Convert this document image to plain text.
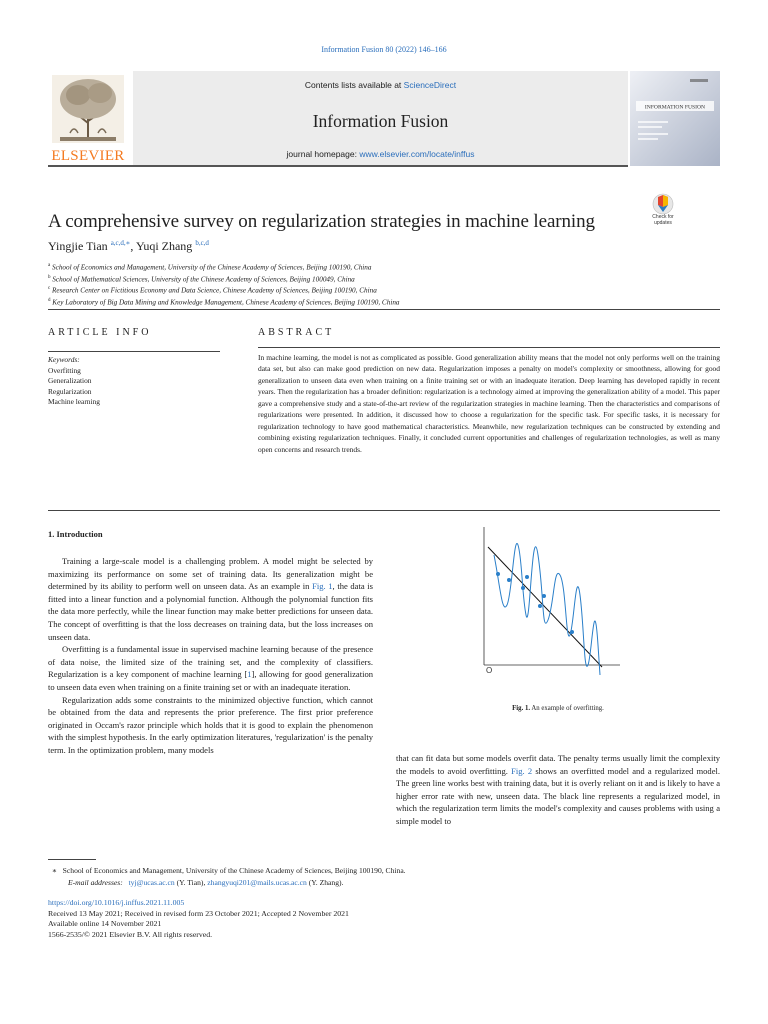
Information Fusion 80 (2022) 146–166
ELSEVIER
Contents lists available at ScienceDirect
Information Fusion
journal homepage: www.elsevier.com/locate/inffus
INFORMATION FUSION
A comprehensive survey on regularization strategies in machine learning	Check for updates
Yingjie Tian $^{a,c,d,∗}$, Yuqi Zhang $^{b,c,d}$
$^a$ School of Economics and Management, University of the Chinese Academy of Sciences, Beijing 100190, China
$^b$ School of Mathematical Sciences, University of the Chinese Academy of Sciences, Beijing 100049, China
$^c$ Research Center on Fictitious Economy and Data Science, Chinese Academy of Sciences, Beijing 100190, China
$^d$ Key Laboratory of Big Data Mining and Knowledge Management, Chinese Academy of Sciences, Beijing 100190, China
ARTICLE INFO
Keywords:
Overfitting
Generalization
Regularization
Machine learning
ABSTRACT
In machine learning, the model is not as complicated as possible. Good generalization ability means that the model not only performs well on the training data set, but also can make good prediction on new data. Regularization imposes a penalty on model's complexity or smoothness, allowing for good generalization to unseen data even when training on a finite training set or with an inadequate iteration. Deep learning has developed rapidly in recent years. Then the regularization has a broader definition: regularization is a technology aimed at improving the generalization ability of a model. This paper gave a comprehensive study and a state-of-the-art review of the regularization strategies in machine learning. Then the characteristics and comparisons of regularizations were presented. In addition, it discussed how to choose a regularization for the specific task. For specific tasks, it is necessary for regularization technology to have good mathematical characteristics. Meanwhile, new regularization techniques can be constructed by extending and combining existing regularization techniques. Finally, it concluded current opportunities and challenges of regularization technologies, as well as many open concerns and research trends.
1. Introduction

Training a large-scale model is a challenging problem. A model might be selected by maximizing its performance on some set of training data. Its generalization might be determined by its ability to perform well on unseen data. As an example in Fig. 1, the data is fitted into a linear function and a polynomial function. Although the polynomial function fits the data more perfectly, while the linear function may make better predictions for unseen data. The concept of overfitting is that the loss decreases on training data, but the loss increases on unseen data.

Overfitting is a fundamental issue in supervised machine learning because of the presence of data noise, the limited size of the training set, and the complexity of classifiers. Regularization is a key component of machine learning [1], allowing for good generalization to unseen data even when training on a finite training set or with an inadequate iteration.

Regularization adds some constraints to the minimized objective function, which cannot be obtained from the data and represents the prior preference. The first prior preference originated in Occam's razor principle which holds that it is good to explain the phenomenon with the simplest hypothesis. In the early optimization literatures, 'regularization' is the penalty term. In the optimization problem, many models

O
Fig. 1. An example of overfitting.

that can fit data but some models overfit data. The penalty terms usually limit the complexity the models to avoid overfitting. Fig. 2 shows an overfitted model and a regularized model. The green line works best with training data, but it is overly reliant on it and is likely to have a higher error rate with new, unseen data. The black line represents a regularized model, in which the regularization term limits the model's complexity and causes problems with using a simple model to

∗ School of Economics and Management, University of the Chinese Academy of Sciences, Beijing 100190, China.
E-mail addresses: tyj@ucas.ac.cn (Y. Tian), zhangyuqi201@mails.ucas.ac.cn (Y. Zhang).
https://doi.org/10.1016/j.inffus.2021.11.005
Received 13 May 2021; Received in revised form 23 October 2021; Accepted 2 November 2021
Available online 14 November 2021
1566-2535/© 2021 Elsevier B.V. All rights reserved.
